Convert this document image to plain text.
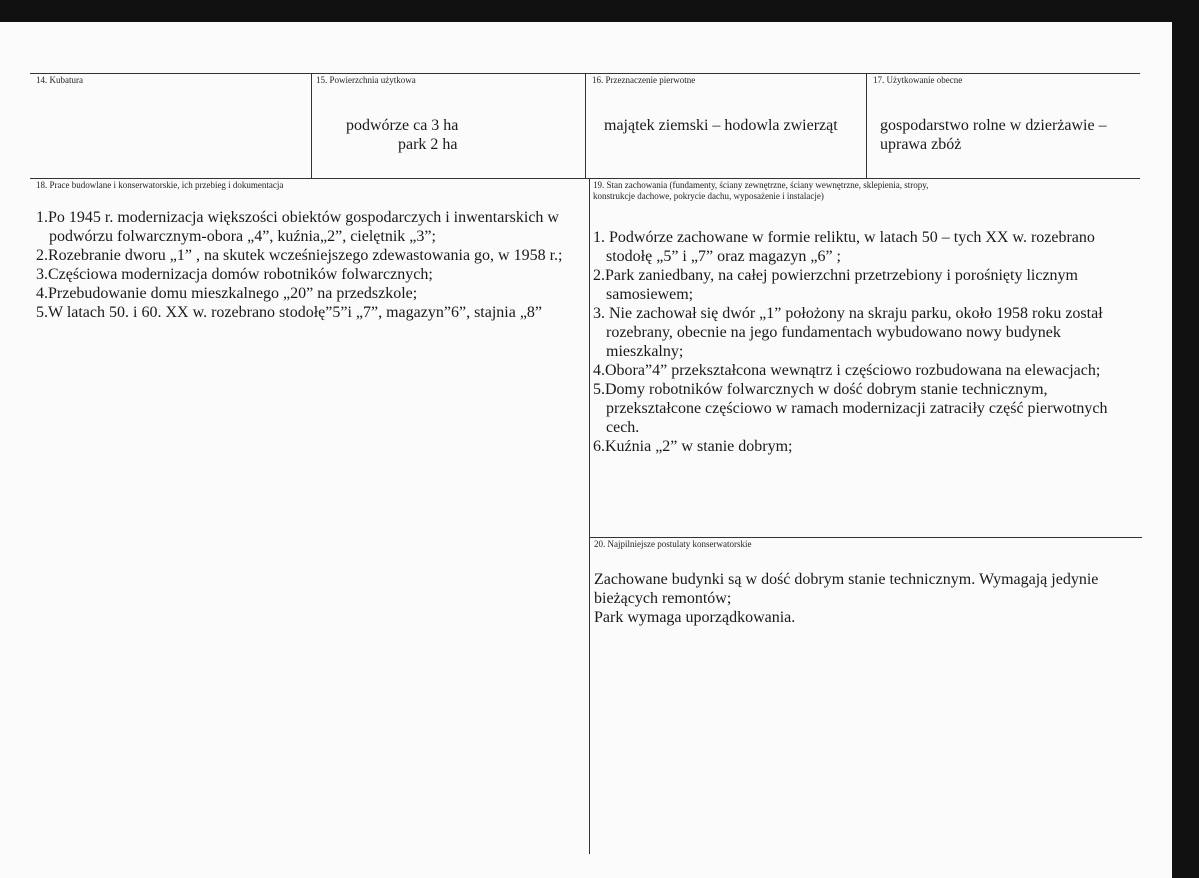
14. Kubatura	15. Powierzchnia użytkowa

podwórze ca 3 ha

park 2 ha

16. Przeznaczenie pierwotne
majątek ziemski – hodowla zwierząt
17. Użytkowanie obecne

gospodarstwo rolne w dzierżawie –

uprawa zbóż

18. Prace budowlane i konserwatorskie, ich przebieg i dokumentacja

1.Po 1945 r. modernizacja większości obiektów gospodarczych i inwentarskich w podwórzu folwarcznym-obora „4”, kuźnia„2”, cielętnik „3”;

2.Rozebranie dworu „1” , na skutek wcześniejszego zdewastowania go, w 1958 r.;

3.Częściowa modernizacja domów robotników folwarcznych;

4.Przebudowanie domu mieszkalnego „20” na przedszkole;

5.W latach 50. i 60. XX w. rozebrano stodołę”5”i „7”, magazyn”6”, stajnia „8”

19. Stan zachowania (fundamenty, ściany zewnętrzne, ściany wewnętrzne, sklepienia, stropy,
konstrukcje dachowe, pokrycie dachu, wyposażenie i instalacje)

1. Podwórze zachowane w formie reliktu, w latach 50 – tych XX w. rozebrano stodołę „5” i „7” oraz magazyn „6” ;

2.Park zaniedbany, na całej powierzchni przetrzebiony i porośnięty licznym samosiewem;

3. Nie zachował się dwór „1” położony na skraju parku, około 1958 roku został rozebrany, obecnie na jego fundamentach wybudowano nowy budynek mieszkalny;

4.Obora”4” przekształcona wewnątrz i częściowo rozbudowana na elewacjach;

5.Domy robotników folwarcznych w dość dobrym stanie technicznym, przekształcone częściowo w ramach modernizacji zatraciły część pierwotnych cech.

6.Kuźnia „2” w stanie dobrym;

20. Najpilniejsze postulaty konserwatorskie

Zachowane budynki są w dość dobrym stanie technicznym. Wymagają jedynie bieżących remontów;

Park wymaga uporządkowania.
